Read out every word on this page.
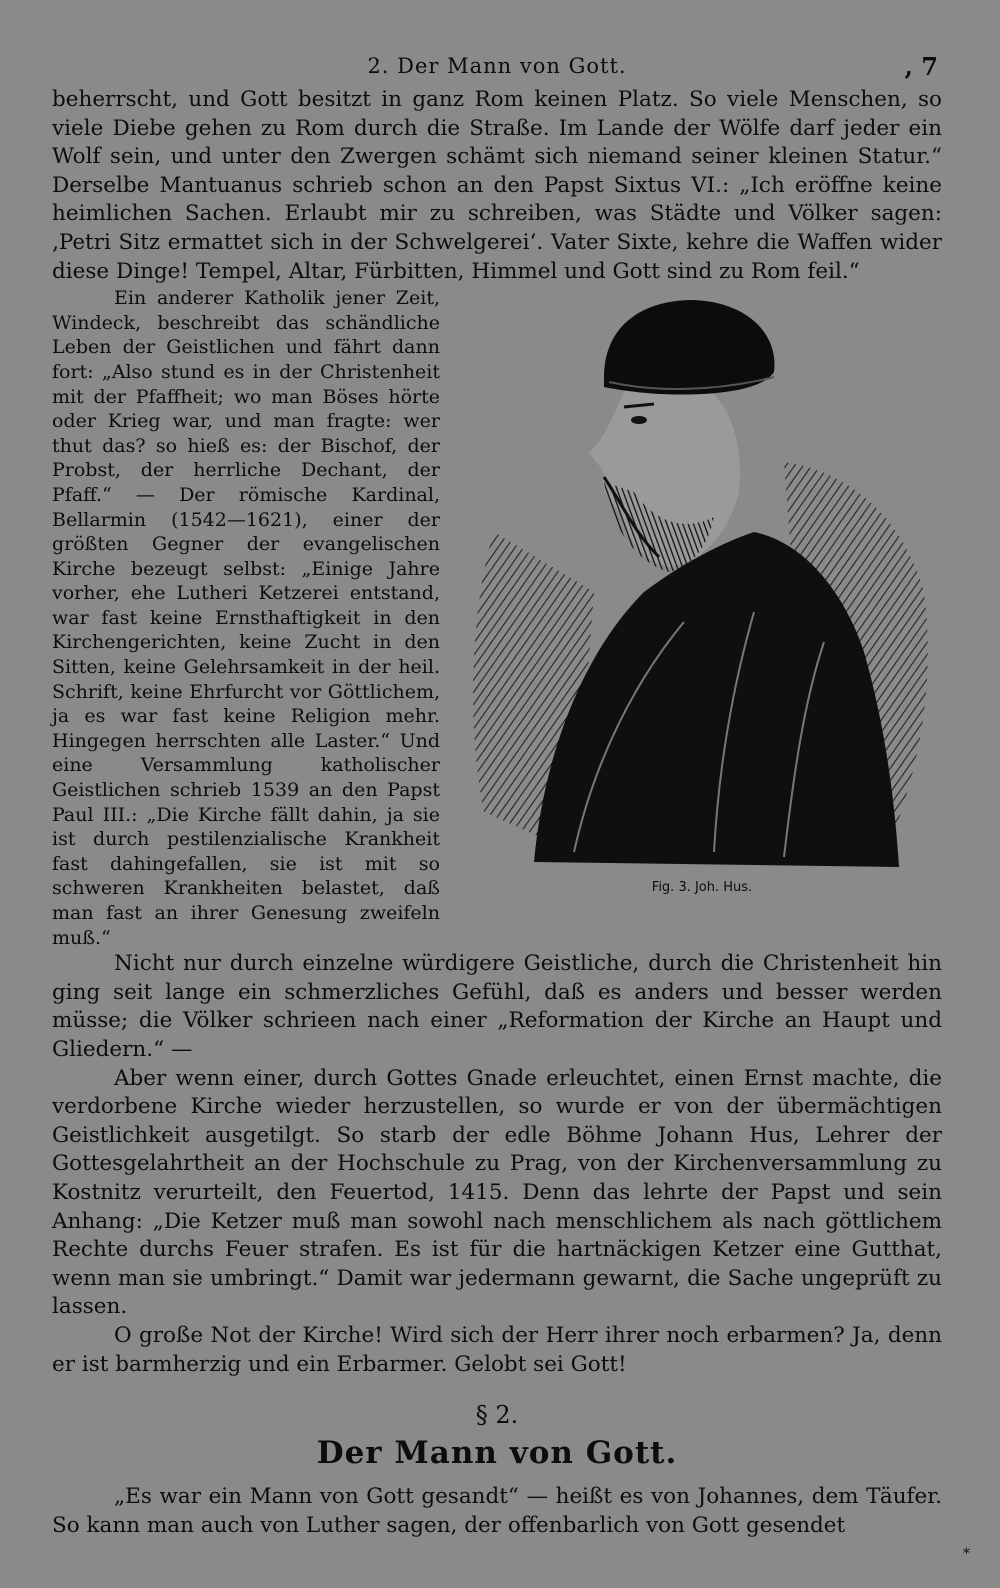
2. Der Mann von Gott.	, 7

beherrscht, und Gott besitzt in ganz Rom keinen Platz. So viele Menschen, so viele Diebe gehen zu Rom durch die Straße. Im Lande der Wölfe darf jeder ein Wolf sein, und unter den Zwergen schämt sich niemand seiner kleinen Statur.“ Derselbe Mantuanus schrieb schon an den Papst Sixtus VI.: „Ich eröffne keine heimlichen Sachen. Erlaubt mir zu schreiben, was Städte und Völker sagen: ‚Petri Sitz ermattet sich in der Schwelgerei‘. Vater Sixte, kehre die Waffen wider diese Dinge! Tempel, Altar, Fürbitten, Himmel und Gott sind zu Rom feil.“

Fig. 3. Joh. Hus.

Ein anderer Katholik jener Zeit, Windeck, beschreibt das schändliche Leben der Geistlichen und fährt dann fort: „Also stund es in der Christenheit mit der Pfaffheit; wo man Böses hörte oder Krieg war, und man fragte: wer thut das? so hieß es: der Bischof, der Probst, der herrliche Dechant, der Pfaff.“ — Der römische Kardinal, Bellarmin (1542—1621), einer der größten Gegner der evangelischen Kirche bezeugt selbst: „Einige Jahre vorher, ehe Lutheri Ketzerei entstand, war fast keine Ernsthaftigkeit in den Kirchengerichten, keine Zucht in den Sitten, keine Gelehrsamkeit in der heil. Schrift, keine Ehrfurcht vor Göttlichem, ja es war fast keine Religion mehr. Hingegen herrschten alle Laster.“ Und eine Versammlung katholischer Geistlichen schrieb 1539 an den Papst Paul III.: „Die Kirche fällt dahin, ja sie ist durch pestilenzialische Krankheit fast dahingefallen, sie ist mit so schweren Krankheiten belastet, daß man fast an ihrer Genesung zweifeln muß.“

Nicht nur durch einzelne würdigere Geistliche, durch die Christenheit hin ging seit lange ein schmerzliches Gefühl, daß es anders und besser werden müsse; die Völker schrieen nach einer „Reformation der Kirche an Haupt und Gliedern.“ —

Aber wenn einer, durch Gottes Gnade erleuchtet, einen Ernst machte, die verdorbene Kirche wieder herzustellen, so wurde er von der übermächtigen Geistlichkeit ausgetilgt. So starb der edle Böhme Johann Hus, Lehrer der Gottesgelahrtheit an der Hochschule zu Prag, von der Kirchenversammlung zu Kostnitz verurteilt, den Feuertod, 1415. Denn das lehrte der Papst und sein Anhang: „Die Ketzer muß man sowohl nach menschlichem als nach göttlichem Rechte durchs Feuer strafen. Es ist für die hartnäckigen Ketzer eine Gutthat, wenn man sie umbringt.“ Damit war jedermann gewarnt, die Sache ungeprüft zu lassen.

O große Not der Kirche! Wird sich der Herr ihrer noch erbarmen? Ja, denn er ist barmherzig und ein Erbarmer. Gelobt sei Gott!

§ 2.
Der Mann von Gott.

„Es war ein Mann von Gott gesandt“ — heißt es von Johannes, dem Täufer. So kann man auch von Luther sagen, der offenbarlich von Gott gesendet

*
